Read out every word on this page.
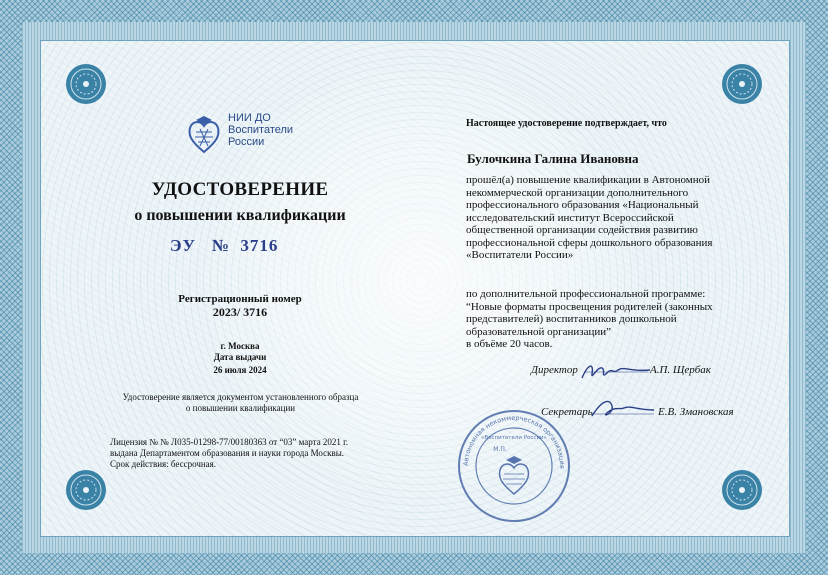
НИИ ДО
Воспитатели
России
УДОСТОВЕРЕНИЕ
о повышении квалификации
ЭУ № 3716
Регистрационный номер
2023/ 3716
г. Москва
Дата выдачи
26 июля 2024
Удостоверение является документом установленного образца
о повышении квалификации
Лицензия № № Л035-01298-77/00180363 от “03” марта 2021 г.
выдана Департаментом образования и науки города Москвы.
Срок действия: бессрочная.
Настоящее удостоверение подтверждает, что
Булочкина Галина Ивановна
прошёл(а) повышение квалификации в Автономной
некоммерческой организации дополнительного
профессионального образования «Национальный
исследовательский институт Всероссийской
общественной организации содействия развитию
профессиональной сферы дошкольного образования
«Воспитатели России»
по дополнительной профессиональной программе:
“Новые форматы просвещения родителей (законных
представителей) воспитанников дошкольной
образовательной организации”
в объёме 20 часов.
Директор	А.П. Щербак
Секретарь	Е.В. Змановская
Автономная некоммерческая организация
«Воспитатели России»
М.П.
